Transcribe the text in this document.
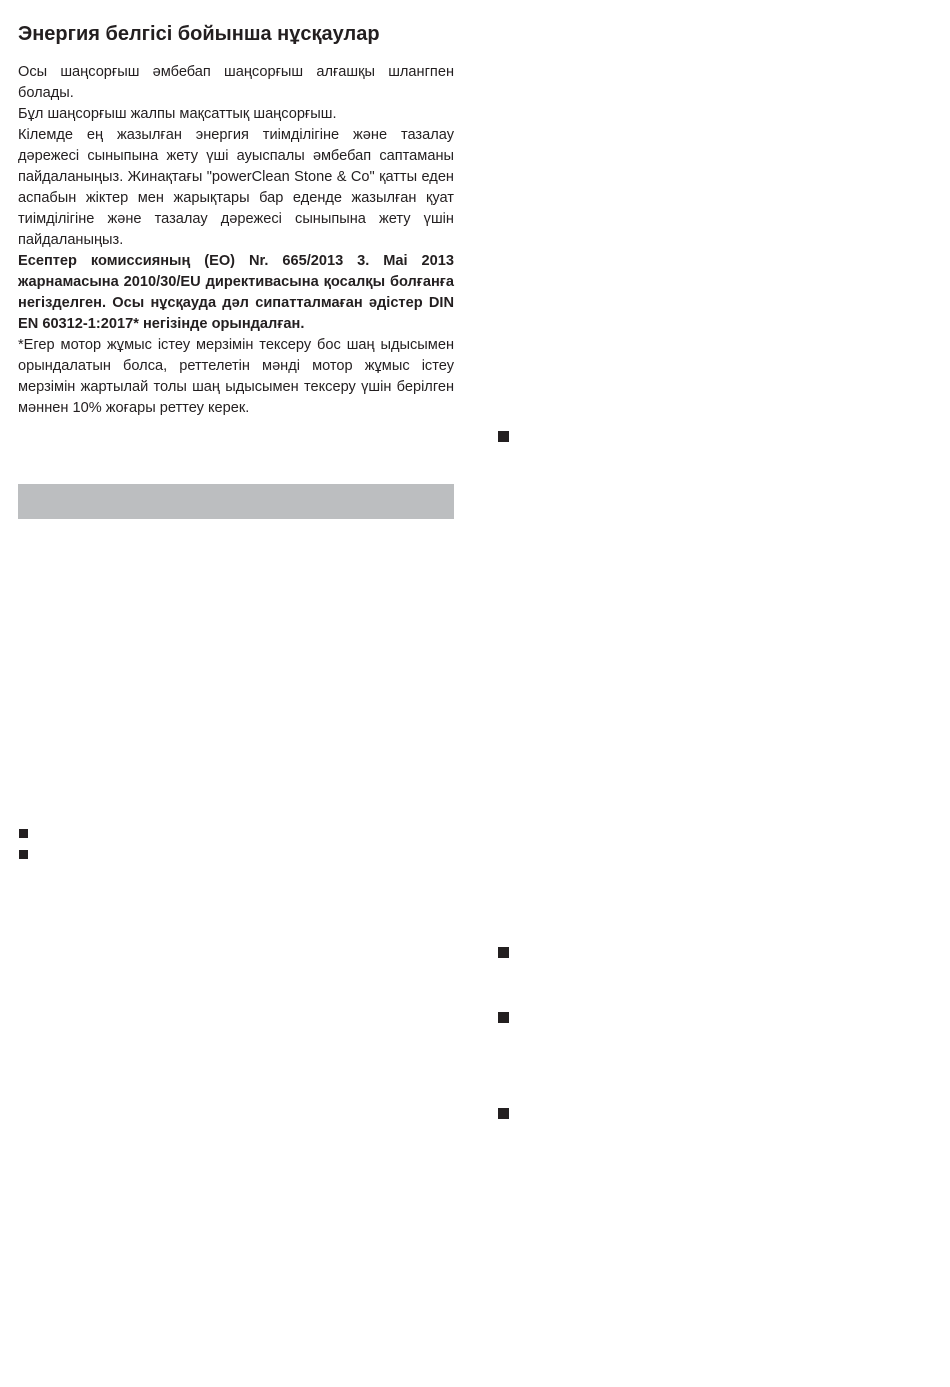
Энергия белгісі бойынша нұсқаулар

Осы шаңсорғыш әмбебап шаңсорғыш алғашқы шлангпен болады.

Бұл шаңсорғыш жалпы мақсаттық шаңсорғыш.

Кілемде ең жазылған энергия тиімділігіне және тазалау дәрежесі сыныпына жету үші ауыспалы әмбебап саптаманы пайдаланыңыз. Жинақтағы "powerClean Stone & Co" қатты еден аспабын жіктер мен жарықтары бар еденде жазылған қуат тиімділігіне және тазалау дәрежесі сыныпына жету үшін пайдаланыңыз.

Есептер комиссияның (ЕО) Nr. 665/2013 3. Mai 2013 жарнамасына 2010/30/EU директивасына қосалқы болғанға негізделген. Осы нұсқауда дәл сипатталмаған әдістер DIN EN 60312-1:2017* негізінде орындалған.

*Егер мотор жұмыс істеу мерзімін тексеру бос шаң ыдысымен орындалатын болса, реттелетін мәнді мотор жұмыс істеу мерзімін жартылай толы шаң ыдысымен тексеру үшін берілген мәннен 10% жоғары реттеу керек.
